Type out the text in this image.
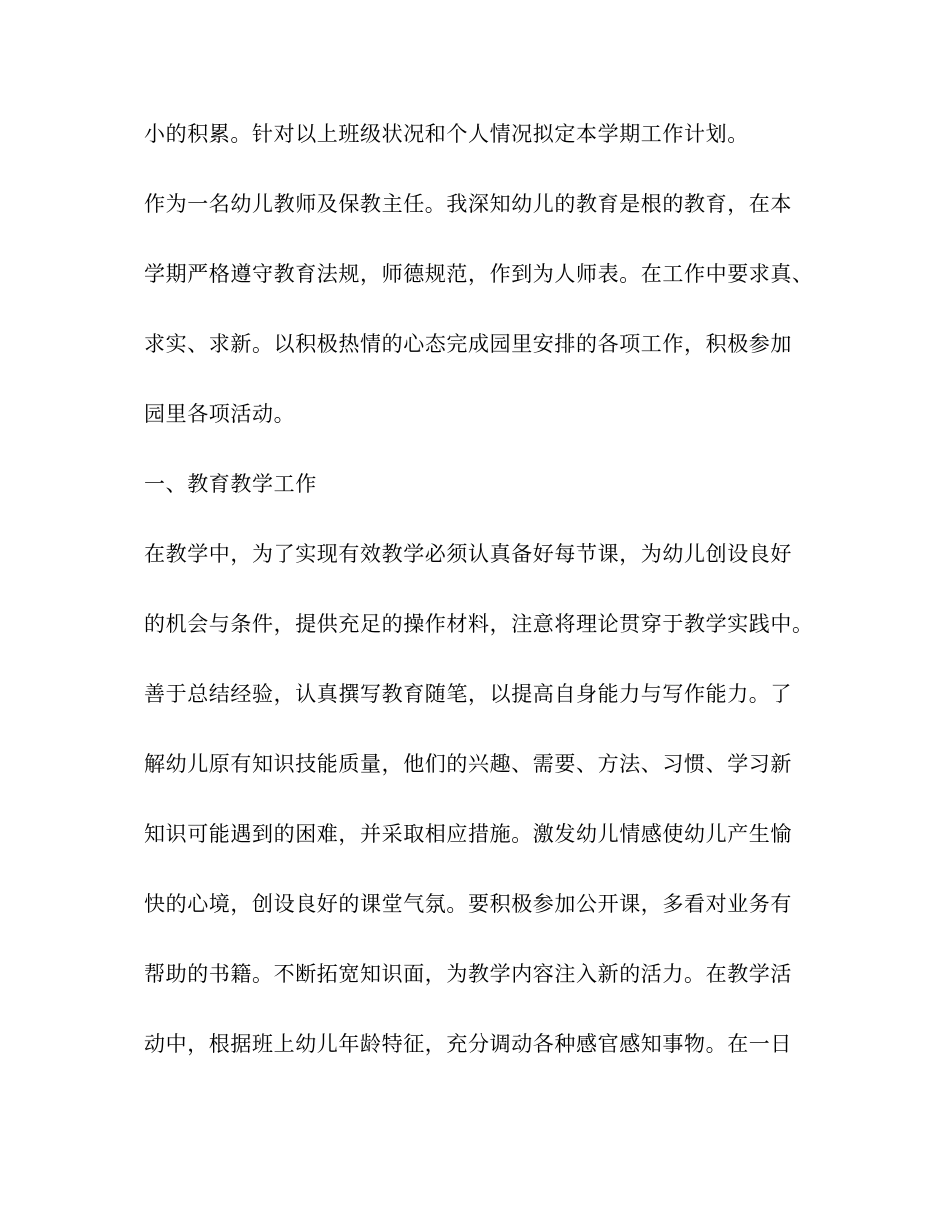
小的积累。针对以上班级状况和个人情况拟定本学期工作计划。
作为一名幼儿教师及保教主任。我深知幼儿的教育是根的教育，在本
学期严格遵守教育法规，师德规范，作到为人师表。在工作中要求真、
求实、求新。以积极热情的心态完成园里安排的各项工作，积极参加
园里各项活动。
一、教育教学工作
在教学中，为了实现有效教学必须认真备好每节课，为幼儿创设良好
的机会与条件，提供充足的操作材料，注意将理论贯穿于教学实践中。
善于总结经验，认真撰写教育随笔，以提高自身能力与写作能力。了
解幼儿原有知识技能质量，他们的兴趣、需要、方法、习惯、学习新
知识可能遇到的困难，并采取相应措施。激发幼儿情感使幼儿产生愉
快的心境，创设良好的课堂气氛。要积极参加公开课，多看对业务有
帮助的书籍。不断拓宽知识面，为教学内容注入新的活力。在教学活
动中，根据班上幼儿年龄特征，充分调动各种感官感知事物。在一日
